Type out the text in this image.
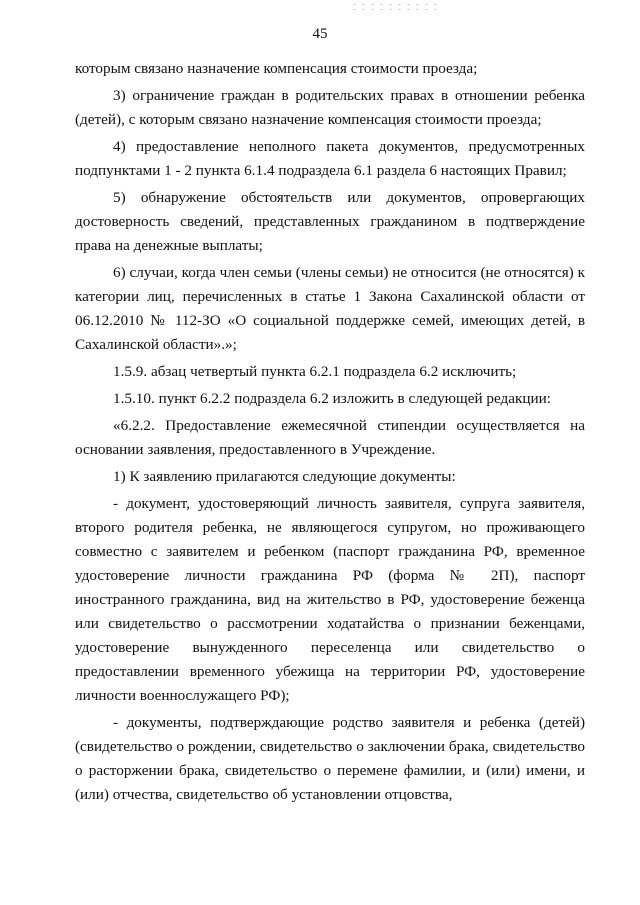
45

которым связано назначение компенсация стоимости проезда;

3) ограничение граждан в родительских правах в отношении ребенка (детей), с которым связано назначение компенсация стоимости проезда;

4) предоставление неполного пакета документов, предусмотренных подпунктами 1 - 2 пункта 6.1.4 подраздела 6.1 раздела 6 настоящих Правил;

5) обнаружение обстоятельств или документов, опровергающих достоверность сведений, представленных гражданином в подтверждение права на денежные выплаты;

6) случаи, когда член семьи (члены семьи) не относится (не относятся) к категории лиц, перечисленных в статье 1 Закона Сахалинской области от 06.12.2010 № 112-ЗО «О социальной поддержке семей, имеющих детей, в Сахалинской области».»;

1.5.9. абзац четвертый пункта 6.2.1 подраздела 6.2 исключить;

1.5.10. пункт 6.2.2 подраздела 6.2 изложить в следующей редакции:

«6.2.2. Предоставление ежемесячной стипендии осуществляется на основании заявления, предоставленного в Учреждение.

1) К заявлению прилагаются следующие документы:

- документ, удостоверяющий личность заявителя, супруга заявителя, второго родителя ребенка, не являющегося супругом, но проживающего совместно с заявителем и ребенком (паспорт гражданина РФ, временное удостоверение личности гражданина РФ (форма № 2П), паспорт иностранного гражданина, вид на жительство в РФ, удостоверение беженца или свидетельство о рассмотрении ходатайства о признании беженцами, удостоверение вынужденного переселенца или свидетельство о предоставлении временного убежища на территории РФ, удостоверение личности военнослужащего РФ);

- документы, подтверждающие родство заявителя и ребенка (детей) (свидетельство о рождении, свидетельство о заключении брака, свидетельство о расторжении брака, свидетельство о перемене фамилии, и (или) имени, и (или) отчества, свидетельство об установлении отцовства,
